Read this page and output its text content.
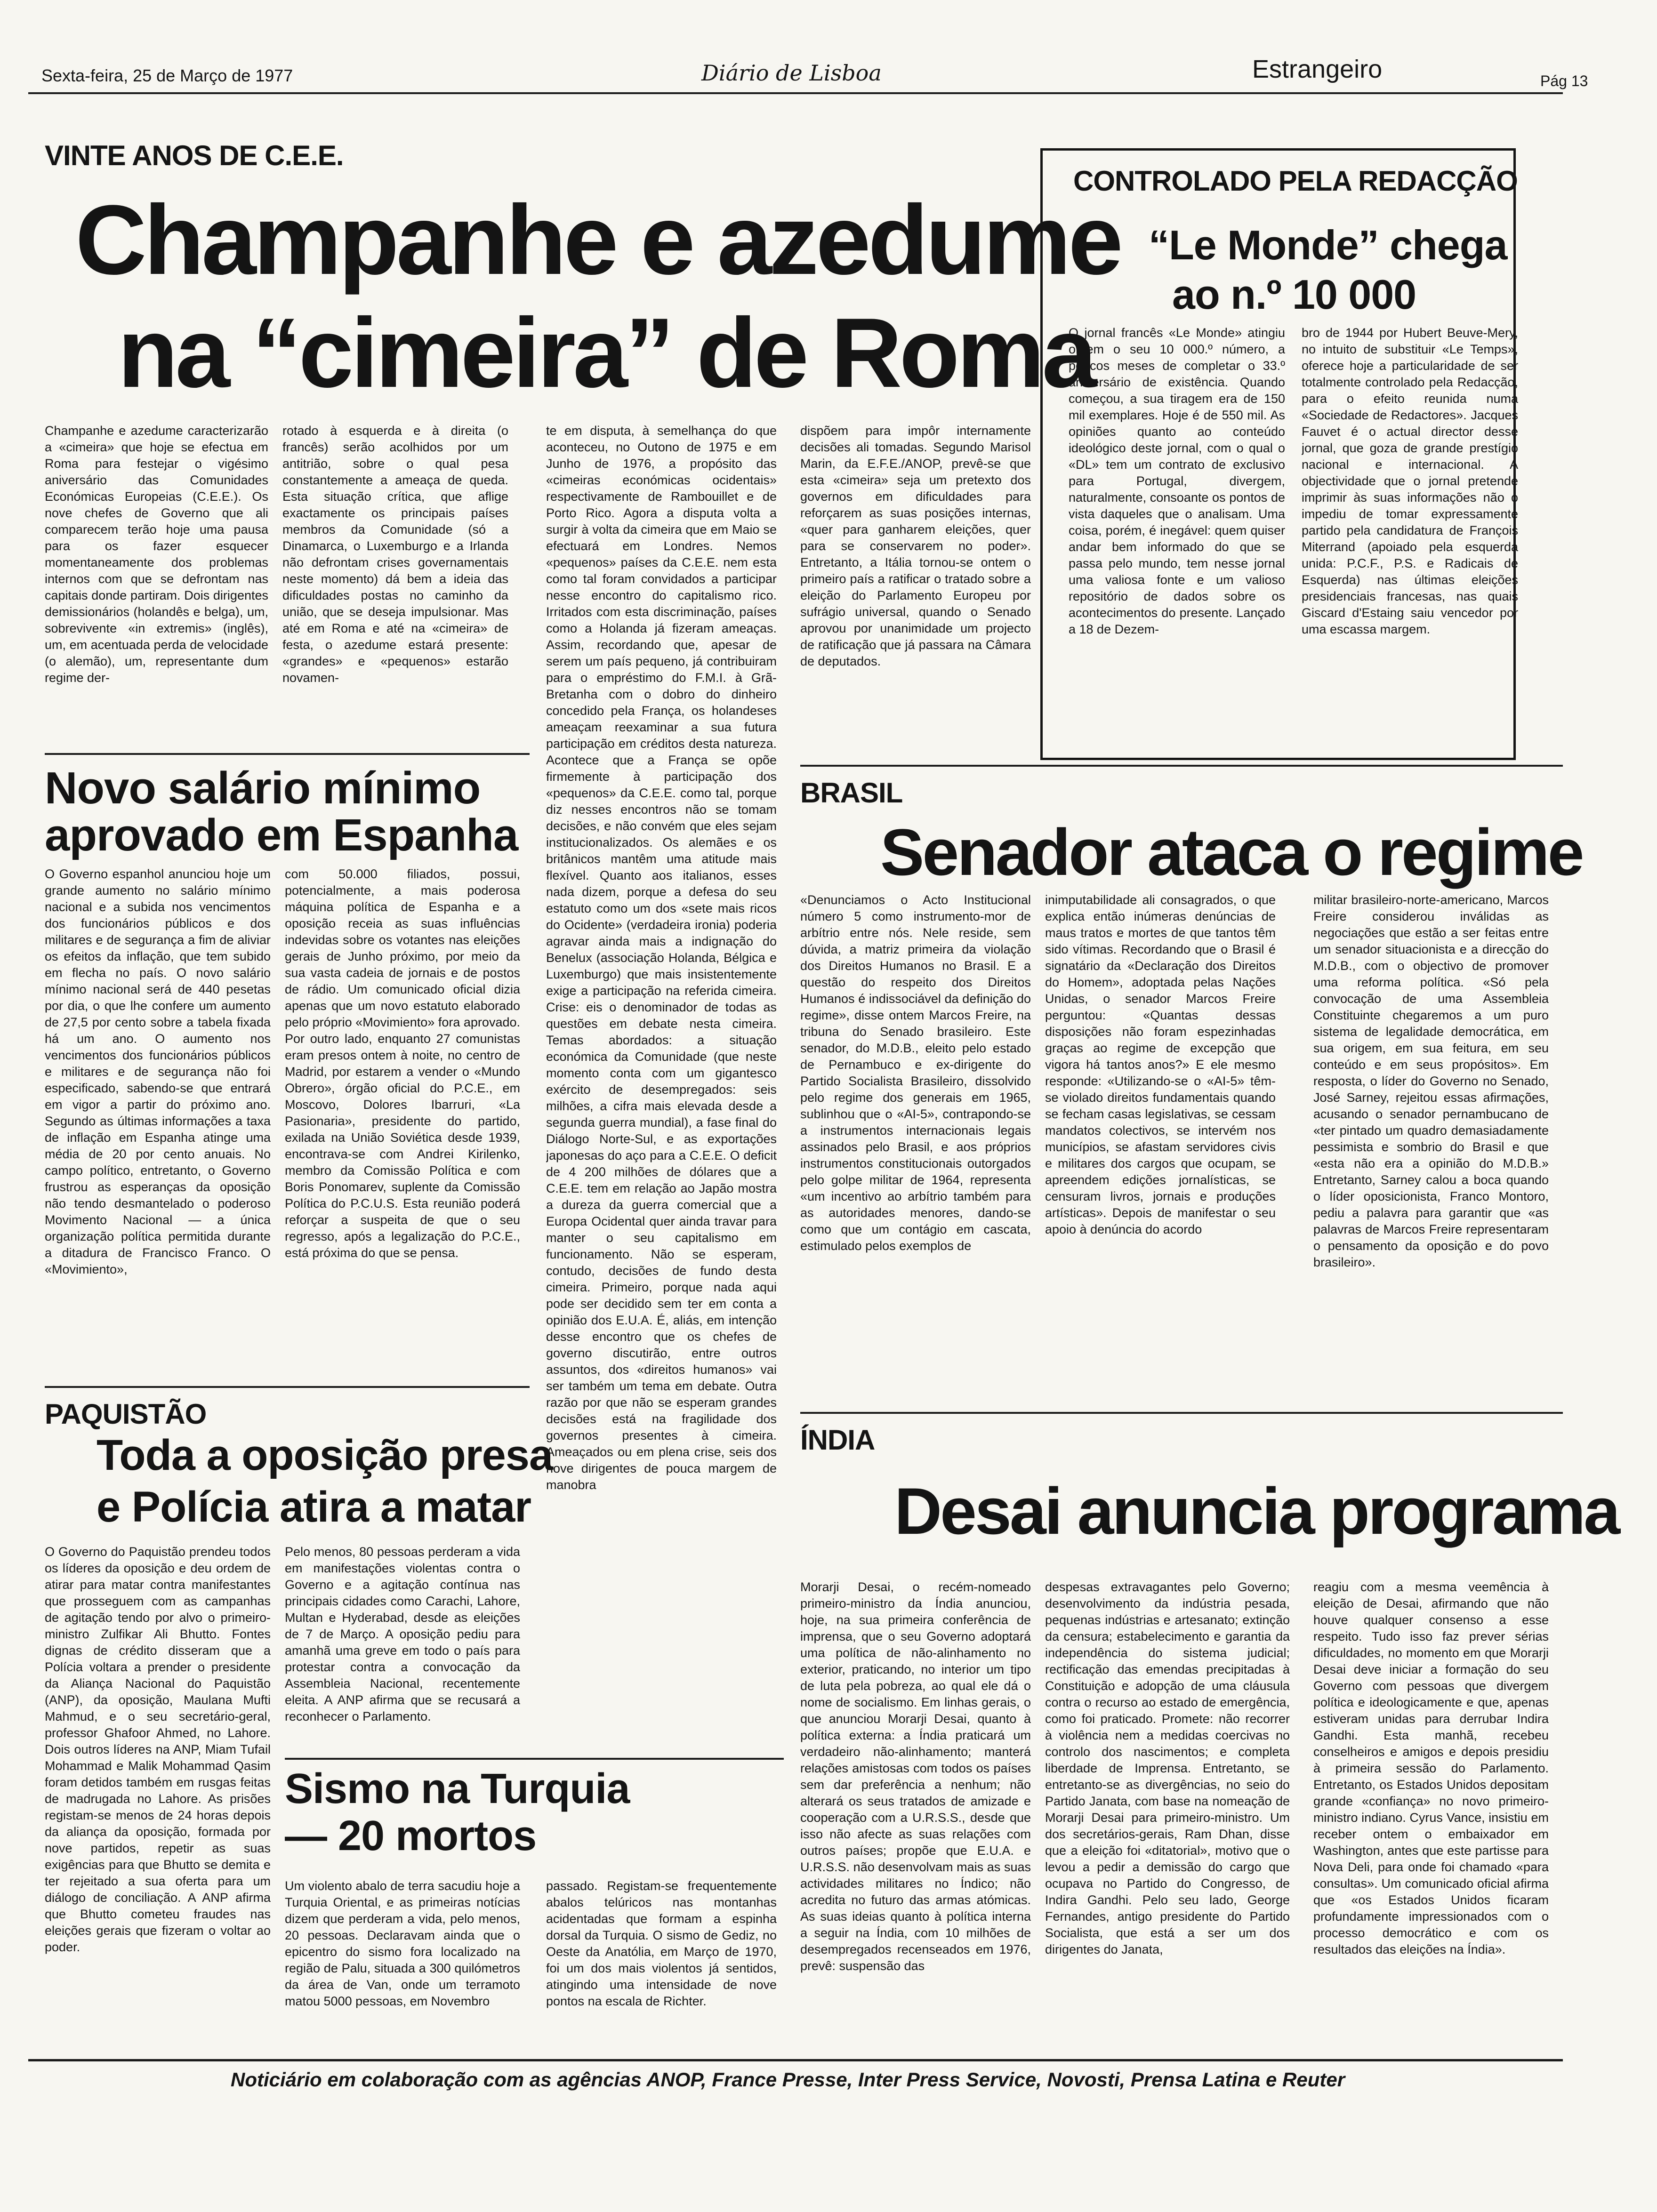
Sexta-feira, 25 de Março de 1977	Diário de Lisboa	Estrangeiro	Pág 13
VINTE ANOS DE C.E.E.
Champanhe e azedume
na “cimeira” de Roma
Champanhe e azedume caracterizarão a «cimeira» que hoje se efectua em Roma para festejar o vigésimo aniversário das Comunidades Económicas Europeias (C.E.E.). Os nove chefes de Governo que ali comparecem terão hoje uma pausa para os fazer esquecer momentaneamente dos problemas internos com que se defrontam nas capitais donde partiram. Dois dirigentes demissionários (holandês e belga), um, sobrevivente «in extremis» (inglês), um, em acentuada perda de velocidade (o alemão), um, representante dum regime der-
rotado à esquerda e à direita (o francês) serão acolhidos por um antitrião, sobre o qual pesa constantemente a ameaça de queda. Esta situação crítica, que aflige exactamente os principais países membros da Comunidade (só a Dinamarca, o Luxemburgo e a Irlanda não defrontam crises governamentais neste momento) dá bem a ideia das dificuldades postas no caminho da união, que se deseja impulsionar. Mas até em Roma e até na «cimeira» de festa, o azedume estará presente: «grandes» e «pequenos» estarão novamen-
te em disputa, à semelhança do que aconteceu, no Outono de 1975 e em Junho de 1976, a propósito das «cimeiras económicas ocidentais» respectivamente de Rambouillet e de Porto Rico. Agora a disputa volta a surgir à volta da cimeira que em Maio se efectuará em Londres. Nemos «pequenos» países da C.E.E. nem esta como tal foram convidados a participar nesse encontro do capitalismo rico. Irritados com esta discriminação, países como a Holanda já fizeram ameaças. Assim, recordando que, apesar de serem um país pequeno, já contribuiram para o empréstimo do F.M.I. à Grã-Bretanha com o dobro do dinheiro concedido pela França, os holandeses ameaçam reexaminar a sua futura participação em créditos desta natureza. Acontece que a França se opõe firmemente à participação dos «pequenos» da C.E.E. como tal, porque diz nesses encontros não se tomam decisões, e não convém que eles sejam institucionalizados. Os alemães e os britânicos mantêm uma atitude mais flexível. Quanto aos italianos, esses nada dizem, porque a defesa do seu estatuto como um dos «sete mais ricos do Ocidente» (verdadeira ironia) poderia agravar ainda mais a indignação do Benelux (associação Holanda, Bélgica e Luxemburgo) que mais insistentemente exige a participação na referida cimeira. Crise: eis o denominador de todas as questões em debate nesta cimeira. Temas abordados: a situação económica da Comunidade (que neste momento conta com um gigantesco exército de desempregados: seis milhões, a cifra mais elevada desde a segunda guerra mundial), a fase final do Diálogo Norte-Sul, e as exportações japonesas do aço para a C.E.E. O deficit de 4 200 milhões de dólares que a C.E.E. tem em relação ao Japão mostra a dureza da guerra comercial que a Europa Ocidental quer ainda travar para manter o seu capitalismo em funcionamento. Não se esperam, contudo, decisões de fundo desta cimeira. Primeiro, porque nada aqui pode ser decidido sem ter em conta a opinião dos E.U.A. É, aliás, em intenção desse encontro que os chefes de governo discutirão, entre outros assuntos, dos «direitos humanos» vai ser também um tema em debate. Outra razão por que não se esperam grandes decisões está na fragilidade dos governos presentes à cimeira. Ameaçados ou em plena crise, seis dos nove dirigentes de pouca margem de manobra
dispõem para impôr internamente decisões ali tomadas. Segundo Marisol Marin, da E.F.E./ANOP, prevê-se que esta «cimeira» seja um pretexto dos governos em dificuldades para reforçarem as suas posições internas, «quer para ganharem eleições, quer para se conservarem no poder». Entretanto, a Itália tornou-se ontem o primeiro país a ratificar o tratado sobre a eleição do Parlamento Europeu por sufrágio universal, quando o Senado aprovou por unanimidade um projecto de ratificação que já passara na Câmara de deputados.
CONTROLADO PELA REDACÇÃO
“Le Monde” chega
ao n.º 10 000
O jornal francês «Le Monde» atingiu ontem o seu 10 000.º número, a poucos meses de completar o 33.º aniversário de existência. Quando começou, a sua tiragem era de 150 mil exemplares. Hoje é de 550 mil. As opiniões quanto ao conteúdo ideológico deste jornal, com o qual o «DL» tem um contrato de exclusivo para Portugal, divergem, naturalmente, consoante os pontos de vista daqueles que o analisam. Uma coisa, porém, é inegável: quem quiser andar bem informado do que se passa pelo mundo, tem nesse jornal uma valiosa fonte e um valioso repositório de dados sobre os acontecimentos do presente. Lançado a 18 de Dezem-
bro de 1944 por Hubert Beuve-Mery, no intuito de substituir «Le Temps», oferece hoje a particularidade de ser totalmente controlado pela Redacção, para o efeito reunida numa «Sociedade de Redactores». Jacques Fauvet é o actual director desse jornal, que goza de grande prestígio nacional e internacional. A objectividade que o jornal pretende imprimir às suas informações não o impediu de tomar expressamente partido pela candidatura de François Miterrand (apoiado pela esquerda unida: P.C.F., P.S. e Radicais de Esquerda) nas últimas eleições presidenciais francesas, nas quais Giscard d'Estaing saiu vencedor por uma escassa margem.
Novo salário mínimo
aprovado em Espanha
O Governo espanhol anunciou hoje um grande aumento no salário mínimo nacional e a subida nos vencimentos dos funcionários públicos e dos militares e de segurança a fim de aliviar os efeitos da inflação, que tem subido em flecha no país. O novo salário mínimo nacional será de 440 pesetas por dia, o que lhe confere um aumento de 27,5 por cento sobre a tabela fixada há um ano. O aumento nos vencimentos dos funcionários públicos e militares e de segurança não foi especificado, sabendo-se que entrará em vigor a partir do próximo ano. Segundo as últimas informações a taxa de inflação em Espanha atinge uma média de 20 por cento anuais. No campo político, entretanto, o Governo frustrou as esperanças da oposição não tendo desmantelado o poderoso Movimento Nacional — a única organização política permitida durante a ditadura de Francisco Franco. O «Movimiento»,
com 50.000 filiados, possui, potencialmente, a mais poderosa máquina política de Espanha e a oposição receia as suas influências indevidas sobre os votantes nas eleições gerais de Junho próximo, por meio da sua vasta cadeia de jornais e de postos de rádio. Um comunicado oficial dizia apenas que um novo estatuto elaborado pelo próprio «Movimiento» fora aprovado. Por outro lado, enquanto 27 comunistas eram presos ontem à noite, no centro de Madrid, por estarem a vender o «Mundo Obrero», órgão oficial do P.C.E., em Moscovo, Dolores Ibarruri, «La Pasionaria», presidente do partido, exilada na União Soviética desde 1939, encontrava-se com Andrei Kirilenko, membro da Comissão Política e com Boris Ponomarev, suplente da Comissão Política do P.C.U.S. Esta reunião poderá reforçar a suspeita de que o seu regresso, após a legalização do P.C.E., está próxima do que se pensa.
BRASIL
Senador ataca o regime
«Denunciamos o Acto Institucional número 5 como instrumento-mor de arbítrio entre nós. Nele reside, sem dúvida, a matriz primeira da violação dos Direitos Humanos no Brasil. E a questão do respeito dos Direitos Humanos é indissociável da definição do regime», disse ontem Marcos Freire, na tribuna do Senado brasileiro. Este senador, do M.D.B., eleito pelo estado de Pernambuco e ex-dirigente do Partido Socialista Brasileiro, dissolvido pelo regime dos generais em 1965, sublinhou que o «AI-5», contrapondo-se a instrumentos internacionais legais assinados pelo Brasil, e aos próprios instrumentos constitucionais outorgados pelo golpe militar de 1964, representa «um incentivo ao arbítrio também para as autoridades menores, dando-se como que um contágio em cascata, estimulado pelos exemplos de
inimputabilidade ali consagrados, o que explica então inúmeras denúncias de maus tratos e mortes de que tantos têm sido vítimas. Recordando que o Brasil é signatário da «Declaração dos Direitos do Homem», adoptada pelas Nações Unidas, o senador Marcos Freire perguntou: «Quantas dessas disposições não foram espezinhadas graças ao regime de excepção que vigora há tantos anos?» E ele mesmo responde: «Utilizando-se o «AI-5» têm-se violado direitos fundamentais quando se fecham casas legislativas, se cessam mandatos colectivos, se intervém nos municípios, se afastam servidores civis e militares dos cargos que ocupam, se apreendem edições jornalísticas, se censuram livros, jornais e produções artísticas». Depois de manifestar o seu apoio à denúncia do acordo
militar brasileiro-norte-americano, Marcos Freire considerou inválidas as negociações que estão a ser feitas entre um senador situacionista e a direcção do M.D.B., com o objectivo de promover uma reforma política. «Só pela convocação de uma Assembleia Constituinte chegaremos a um puro sistema de legalidade democrática, em sua origem, em sua feitura, em seu conteúdo e em seus propósitos». Em resposta, o líder do Governo no Senado, José Sarney, rejeitou essas afirmações, acusando o senador pernambucano de «ter pintado um quadro demasiadamente pessimista e sombrio do Brasil e que «esta não era a opinião do M.D.B.» Entretanto, Sarney calou a boca quando o líder oposicionista, Franco Montoro, pediu a palavra para garantir que «as palavras de Marcos Freire representaram o pensamento da oposição e do povo brasileiro».
PAQUISTÃO
Toda a oposição presa
e Polícia atira a matar
O Governo do Paquistão prendeu todos os líderes da oposição e deu ordem de atirar para matar contra manifestantes que prosseguem com as campanhas de agitação tendo por alvo o primeiro-ministro Zulfikar Ali Bhutto. Fontes dignas de crédito disseram que a Polícia voltara a prender o presidente da Aliança Nacional do Paquistão (ANP), da oposição, Maulana Mufti Mahmud, e o seu secretário-geral, professor Ghafoor Ahmed, no Lahore. Dois outros líderes na ANP, Miam Tufail Mohammad e Malik Mohammad Qasim foram detidos também em rusgas feitas de madrugada no Lahore. As prisões registam-se menos de 24 horas depois da aliança da oposição, formada por nove partidos, repetir as suas exigências para que Bhutto se demita e ter rejeitado a sua oferta para um diálogo de conciliação. A ANP afirma que Bhutto cometeu fraudes nas eleições gerais que fizeram o voltar ao poder.
Pelo menos, 80 pessoas perderam a vida em manifestações violentas contra o Governo e a agitação contínua nas principais cidades como Carachi, Lahore, Multan e Hyderabad, desde as eleições de 7 de Março. A oposição pediu para amanhã uma greve em todo o país para protestar contra a convocação da Assembleia Nacional, recentemente eleita. A ANP afirma que se recusará a reconhecer o Parlamento.
Sismo na Turquia
— 20 mortos
Um violento abalo de terra sacudiu hoje a Turquia Oriental, e as primeiras notícias dizem que perderam a vida, pelo menos, 20 pessoas. Declaravam ainda que o epicentro do sismo fora localizado na região de Palu, situada a 300 quilómetros da área de Van, onde um terramoto matou 5000 pessoas, em Novembro
passado. Registam-se frequentemente abalos telúricos nas montanhas acidentadas que formam a espinha dorsal da Turquia. O sismo de Gediz, no Oeste da Anatólia, em Março de 1970, foi um dos mais violentos já sentidos, atingindo uma intensidade de nove pontos na escala de Richter.
ÍNDIA
Desai anuncia programa
Morarji Desai, o recém-nomeado primeiro-ministro da Índia anunciou, hoje, na sua primeira conferência de imprensa, que o seu Governo adoptará uma política de não-alinhamento no exterior, praticando, no interior um tipo de luta pela pobreza, ao qual ele dá o nome de socialismo. Em linhas gerais, o que anunciou Morarji Desai, quanto à política externa: a Índia praticará um verdadeiro não-alinhamento; manterá relações amistosas com todos os países sem dar preferência a nenhum; não alterará os seus tratados de amizade e cooperação com a U.R.S.S., desde que isso não afecte as suas relações com outros países; propõe que E.U.A. e U.R.S.S. não desenvolvam mais as suas actividades militares no Índico; não acredita no futuro das armas atómicas. As suas ideias quanto à política interna a seguir na Índia, com 10 milhões de desempregados recenseados em 1976, prevê: suspensão das
despesas extravagantes pelo Governo; desenvolvimento da indústria pesada, pequenas indústrias e artesanato; extinção da censura; estabelecimento e garantia da independência do sistema judicial; rectificação das emendas precipitadas à Constituição e adopção de uma cláusula contra o recurso ao estado de emergência, como foi praticado. Promete: não recorrer à violência nem a medidas coercivas no controlo dos nascimentos; e completa liberdade de Imprensa. Entretanto, se entretanto-se as divergências, no seio do Partido Janata, com base na nomeação de Morarji Desai para primeiro-ministro. Um dos secretários-gerais, Ram Dhan, disse que a eleição foi «ditatorial», motivo que o levou a pedir a demissão do cargo que ocupava no Partido do Congresso, de Indira Gandhi. Pelo seu lado, George Fernandes, antigo presidente do Partido Socialista, que está a ser um dos dirigentes do Janata,
reagiu com a mesma veemência à eleição de Desai, afirmando que não houve qualquer consenso a esse respeito. Tudo isso faz prever sérias dificuldades, no momento em que Morarji Desai deve iniciar a formação do seu Governo com pessoas que divergem política e ideologicamente e que, apenas estiveram unidas para derrubar Indira Gandhi. Esta manhã, recebeu conselheiros e amigos e depois presidiu à primeira sessão do Parlamento. Entretanto, os Estados Unidos depositam grande «confiança» no novo primeiro-ministro indiano. Cyrus Vance, insistiu em receber ontem o embaixador em Washington, antes que este partisse para Nova Deli, para onde foi chamado «para consultas». Um comunicado oficial afirma que «os Estados Unidos ficaram profundamente impressionados com o processo democrático e com os resultados das eleições na Índia».
Noticiário em colaboração com as agências ANOP, France Presse, Inter Press Service, Novosti, Prensa Latina e Reuter
